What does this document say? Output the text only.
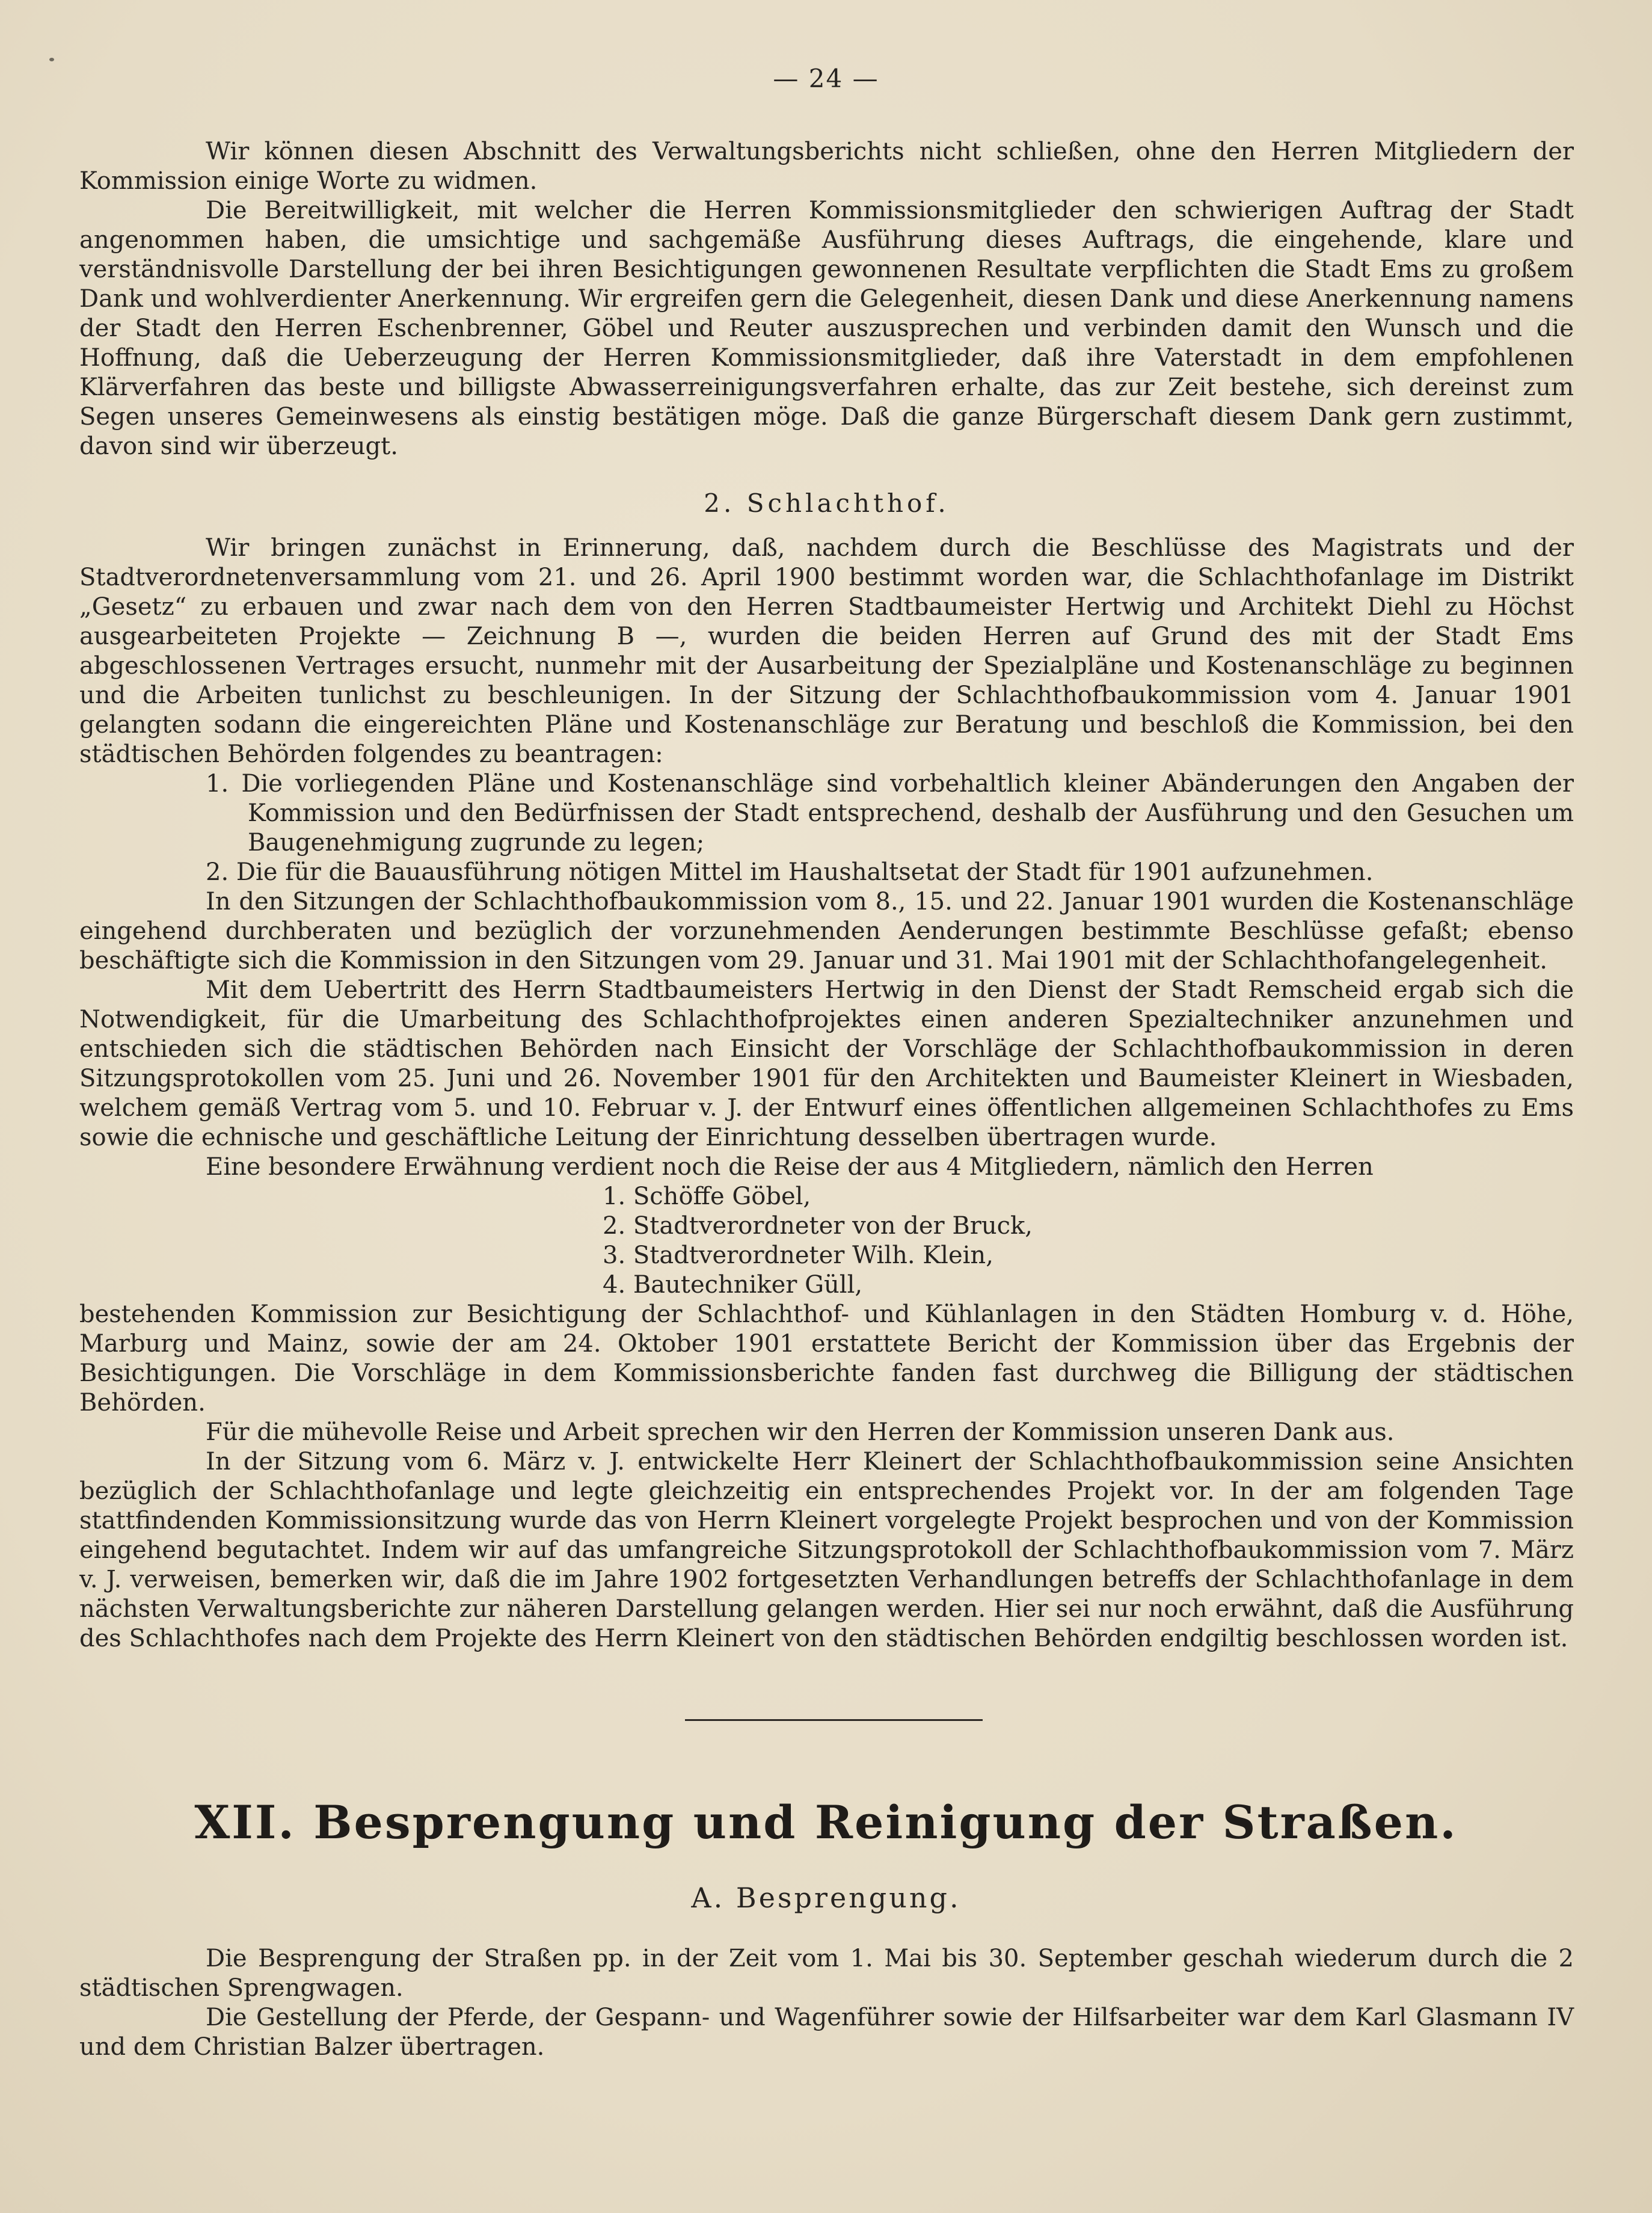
— 24 —

Wir können diesen Abschnitt des Verwaltungsberichts nicht schließen, ohne den Herren Mitgliedern der Kommission einige Worte zu widmen.

Die Bereitwilligkeit, mit welcher die Herren Kommissionsmitglieder den schwierigen Auftrag der Stadt angenommen haben, die umsichtige und sachgemäße Ausführung dieses Auftrags, die eingehende, klare und verständnisvolle Darstellung der bei ihren Besichtigungen gewonnenen Resultate verpflichten die Stadt Ems zu großem Dank und wohlverdienter Anerkennung. Wir ergreifen gern die Gelegenheit, diesen Dank und diese Anerkennung namens der Stadt den Herren Eschenbrenner, Göbel und Reuter auszusprechen und verbinden damit den Wunsch und die Hoffnung, daß die Ueberzeugung der Herren Kommissionsmitglieder, daß ihre Vaterstadt in dem empfohlenen Klärverfahren das beste und billigste Abwasserreinigungsverfahren erhalte, das zur Zeit bestehe, sich dereinst zum Segen unseres Gemeinwesens als einstig bestätigen möge. Daß die ganze Bürgerschaft diesem Dank gern zustimmt, davon sind wir überzeugt.

2. Schlachthof.

Wir bringen zunächst in Erinnerung, daß, nachdem durch die Beschlüsse des Magistrats und der Stadtverordnetenversammlung vom 21. und 26. April 1900 bestimmt worden war, die Schlachthofanlage im Distrikt „Gesetz“ zu erbauen und zwar nach dem von den Herren Stadtbaumeister Hertwig und Architekt Diehl zu Höchst ausgearbeiteten Projekte — Zeichnung B —, wurden die beiden Herren auf Grund des mit der Stadt Ems abgeschlossenen Vertrages ersucht, nunmehr mit der Ausarbeitung der Spezialpläne und Kostenanschläge zu beginnen und die Arbeiten tunlichst zu beschleunigen. In der Sitzung der Schlachthofbaukommission vom 4. Januar 1901 gelangten sodann die eingereichten Pläne und Kostenanschläge zur Beratung und beschloß die Kommission, bei den städtischen Behörden folgendes zu beantragen:

1. Die vorliegenden Pläne und Kostenanschläge sind vorbehaltlich kleiner Abänderungen den Angaben der Kommission und den Bedürfnissen der Stadt entsprechend, deshalb der Ausführung und den Gesuchen um Baugenehmigung zugrunde zu legen;
2. Die für die Bauausführung nötigen Mittel im Haushaltsetat der Stadt für 1901 aufzunehmen.

In den Sitzungen der Schlachthofbaukommission vom 8., 15. und 22. Januar 1901 wurden die Kostenanschläge eingehend durchberaten und bezüglich der vorzunehmenden Aenderungen bestimmte Beschlüsse gefaßt; ebenso beschäftigte sich die Kommission in den Sitzungen vom 29. Januar und 31. Mai 1901 mit der Schlachthofangelegenheit.

Mit dem Uebertritt des Herrn Stadtbaumeisters Hertwig in den Dienst der Stadt Remscheid ergab sich die Notwendigkeit, für die Umarbeitung des Schlachthofprojektes einen anderen Spezialtechniker anzunehmen und entschieden sich die städtischen Behörden nach Einsicht der Vorschläge der Schlachthofbaukommission in deren Sitzungsprotokollen vom 25. Juni und 26. November 1901 für den Architekten und Baumeister Kleinert in Wiesbaden, welchem gemäß Vertrag vom 5. und 10. Februar v. J. der Entwurf eines öffentlichen allgemeinen Schlachthofes zu Ems sowie die echnische und geschäftliche Leitung der Einrichtung desselben übertragen wurde.

Eine besondere Erwähnung verdient noch die Reise der aus 4 Mitgliedern, nämlich den Herren

1. Schöffe Göbel,
2. Stadtverordneter von der Bruck,
3. Stadtverordneter Wilh. Klein,
4. Bautechniker Güll,

bestehenden Kommission zur Besichtigung der Schlachthof- und Kühlanlagen in den Städten Homburg v. d. Höhe, Marburg und Mainz, sowie der am 24. Oktober 1901 erstattete Bericht der Kommission über das Ergebnis der Besichtigungen. Die Vorschläge in dem Kommissionsberichte fanden fast durchweg die Billigung der städtischen Behörden.

Für die mühevolle Reise und Arbeit sprechen wir den Herren der Kommission unseren Dank aus.

In der Sitzung vom 6. März v. J. entwickelte Herr Kleinert der Schlachthofbaukommission seine Ansichten bezüglich der Schlachthofanlage und legte gleichzeitig ein entsprechendes Projekt vor. In der am folgenden Tage stattfindenden Kommissionsitzung wurde das von Herrn Kleinert vorgelegte Projekt besprochen und von der Kommission eingehend begutachtet. Indem wir auf das umfangreiche Sitzungsprotokoll der Schlachthofbaukommission vom 7. März v. J. verweisen, bemerken wir, daß die im Jahre 1902 fortgesetzten Verhandlungen betreffs der Schlachthofanlage in dem nächsten Verwaltungsberichte zur näheren Darstellung gelangen werden. Hier sei nur noch erwähnt, daß die Ausführung des Schlachthofes nach dem Projekte des Herrn Kleinert von den städtischen Behörden endgiltig beschlossen worden ist.

XII. Besprengung und Reinigung der Straßen.
A. Besprengung.

Die Besprengung der Straßen pp. in der Zeit vom 1. Mai bis 30. September geschah wiederum durch die 2 städtischen Sprengwagen.

Die Gestellung der Pferde, der Gespann- und Wagenführer sowie der Hilfsarbeiter war dem Karl Glasmann IV und dem Christian Balzer übertragen.
